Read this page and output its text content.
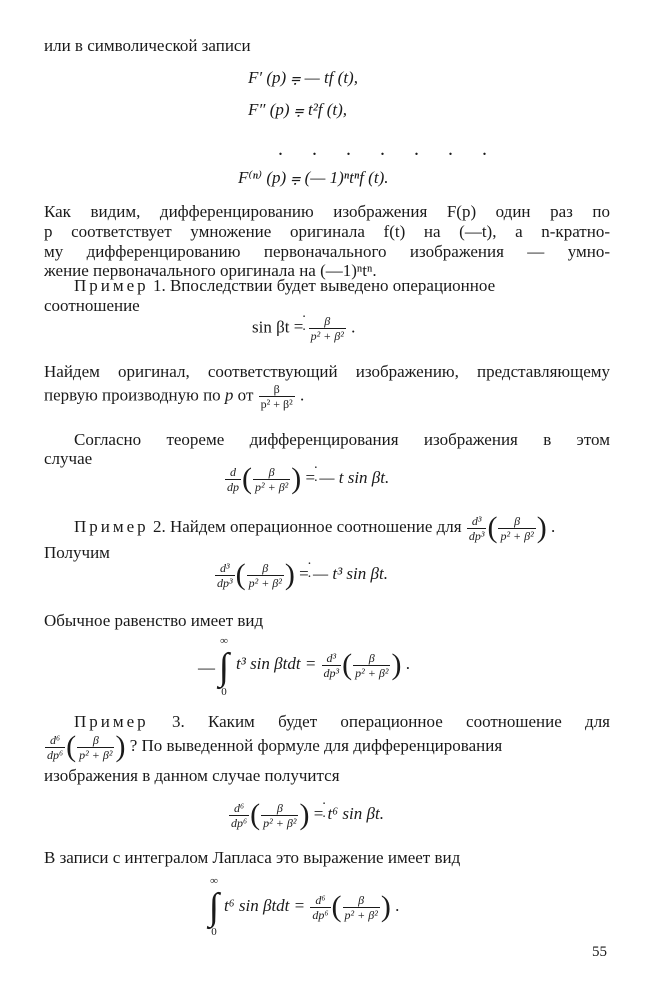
или в символической записи
F′ (p) ⩦ — tf (t),
F″ (p) ⩦ t²f (t),
. . . . . . .
F⁽ⁿ⁾ (p) ⩦ (— 1)ⁿtⁿf (t).
Как видим, дифференцированию изображения F(p) один раз по
p соответствует умножение оригинала f(t) на (—t), а n-кратно-
му дифференцированию первоначального изображения — умно-
жение первоначального оригинала на (—1)ⁿtⁿ.
Пример 1. Впоследствии будет выведено операционное
соотношение
sin βt · = · $\frac{\beta}{\text{p² + β²}}$ .
Найдем оригинал, соответствующий изображению, представляющему
первую производную по p от $\frac{\beta}{\text{p² + β²}}$ .
Согласно теореме дифференцирования изображения в этом
случае
$\frac{d}{dp}$ ( $\frac{\beta}{\text{p² + β²}}$ ) · = · — t sin βt.
Пример 2. Найдем операционное соотношение для $\frac{\text{d³}}{\text{dp³}}$ ( $\frac{\beta}{\text{p² + β²}}$ ) .
Получим
$\frac{\text{d³}}{\text{dp³}}$ ( $\frac{\beta}{\text{p² + β²}}$ ) · = · — t³ sin βt.
Обычное равенство имеет вид
—
∞
∫
0
t³ $\sin \beta tdt = \frac{\text{d³}}{\text{dp³}}$ ( $\frac{\beta}{\text{p² + β²}}$ ) .
Пример 3. Каким будет операционное соотношение для
$\frac{\text{d⁶}}{\text{dp⁶}}$ ( $\frac{\beta}{\text{p² + β²}}$ ) ? По выведенной формуле для дифференцирования
изображения в данном случае получится
$\frac{\text{d⁶}}{\text{dp⁶}}$ ( $\frac{\beta}{\text{p² + β²}}$ ) · = · t⁶ sin βt.
В записи с интегралом Лапласа это выражение имеет вид
∞
∫
0
t⁶ $\sin \beta tdt = \frac{\text{d⁶}}{\text{dp⁶}}$ ( $\frac{\beta}{\text{p² + β²}}$ ) .
55
